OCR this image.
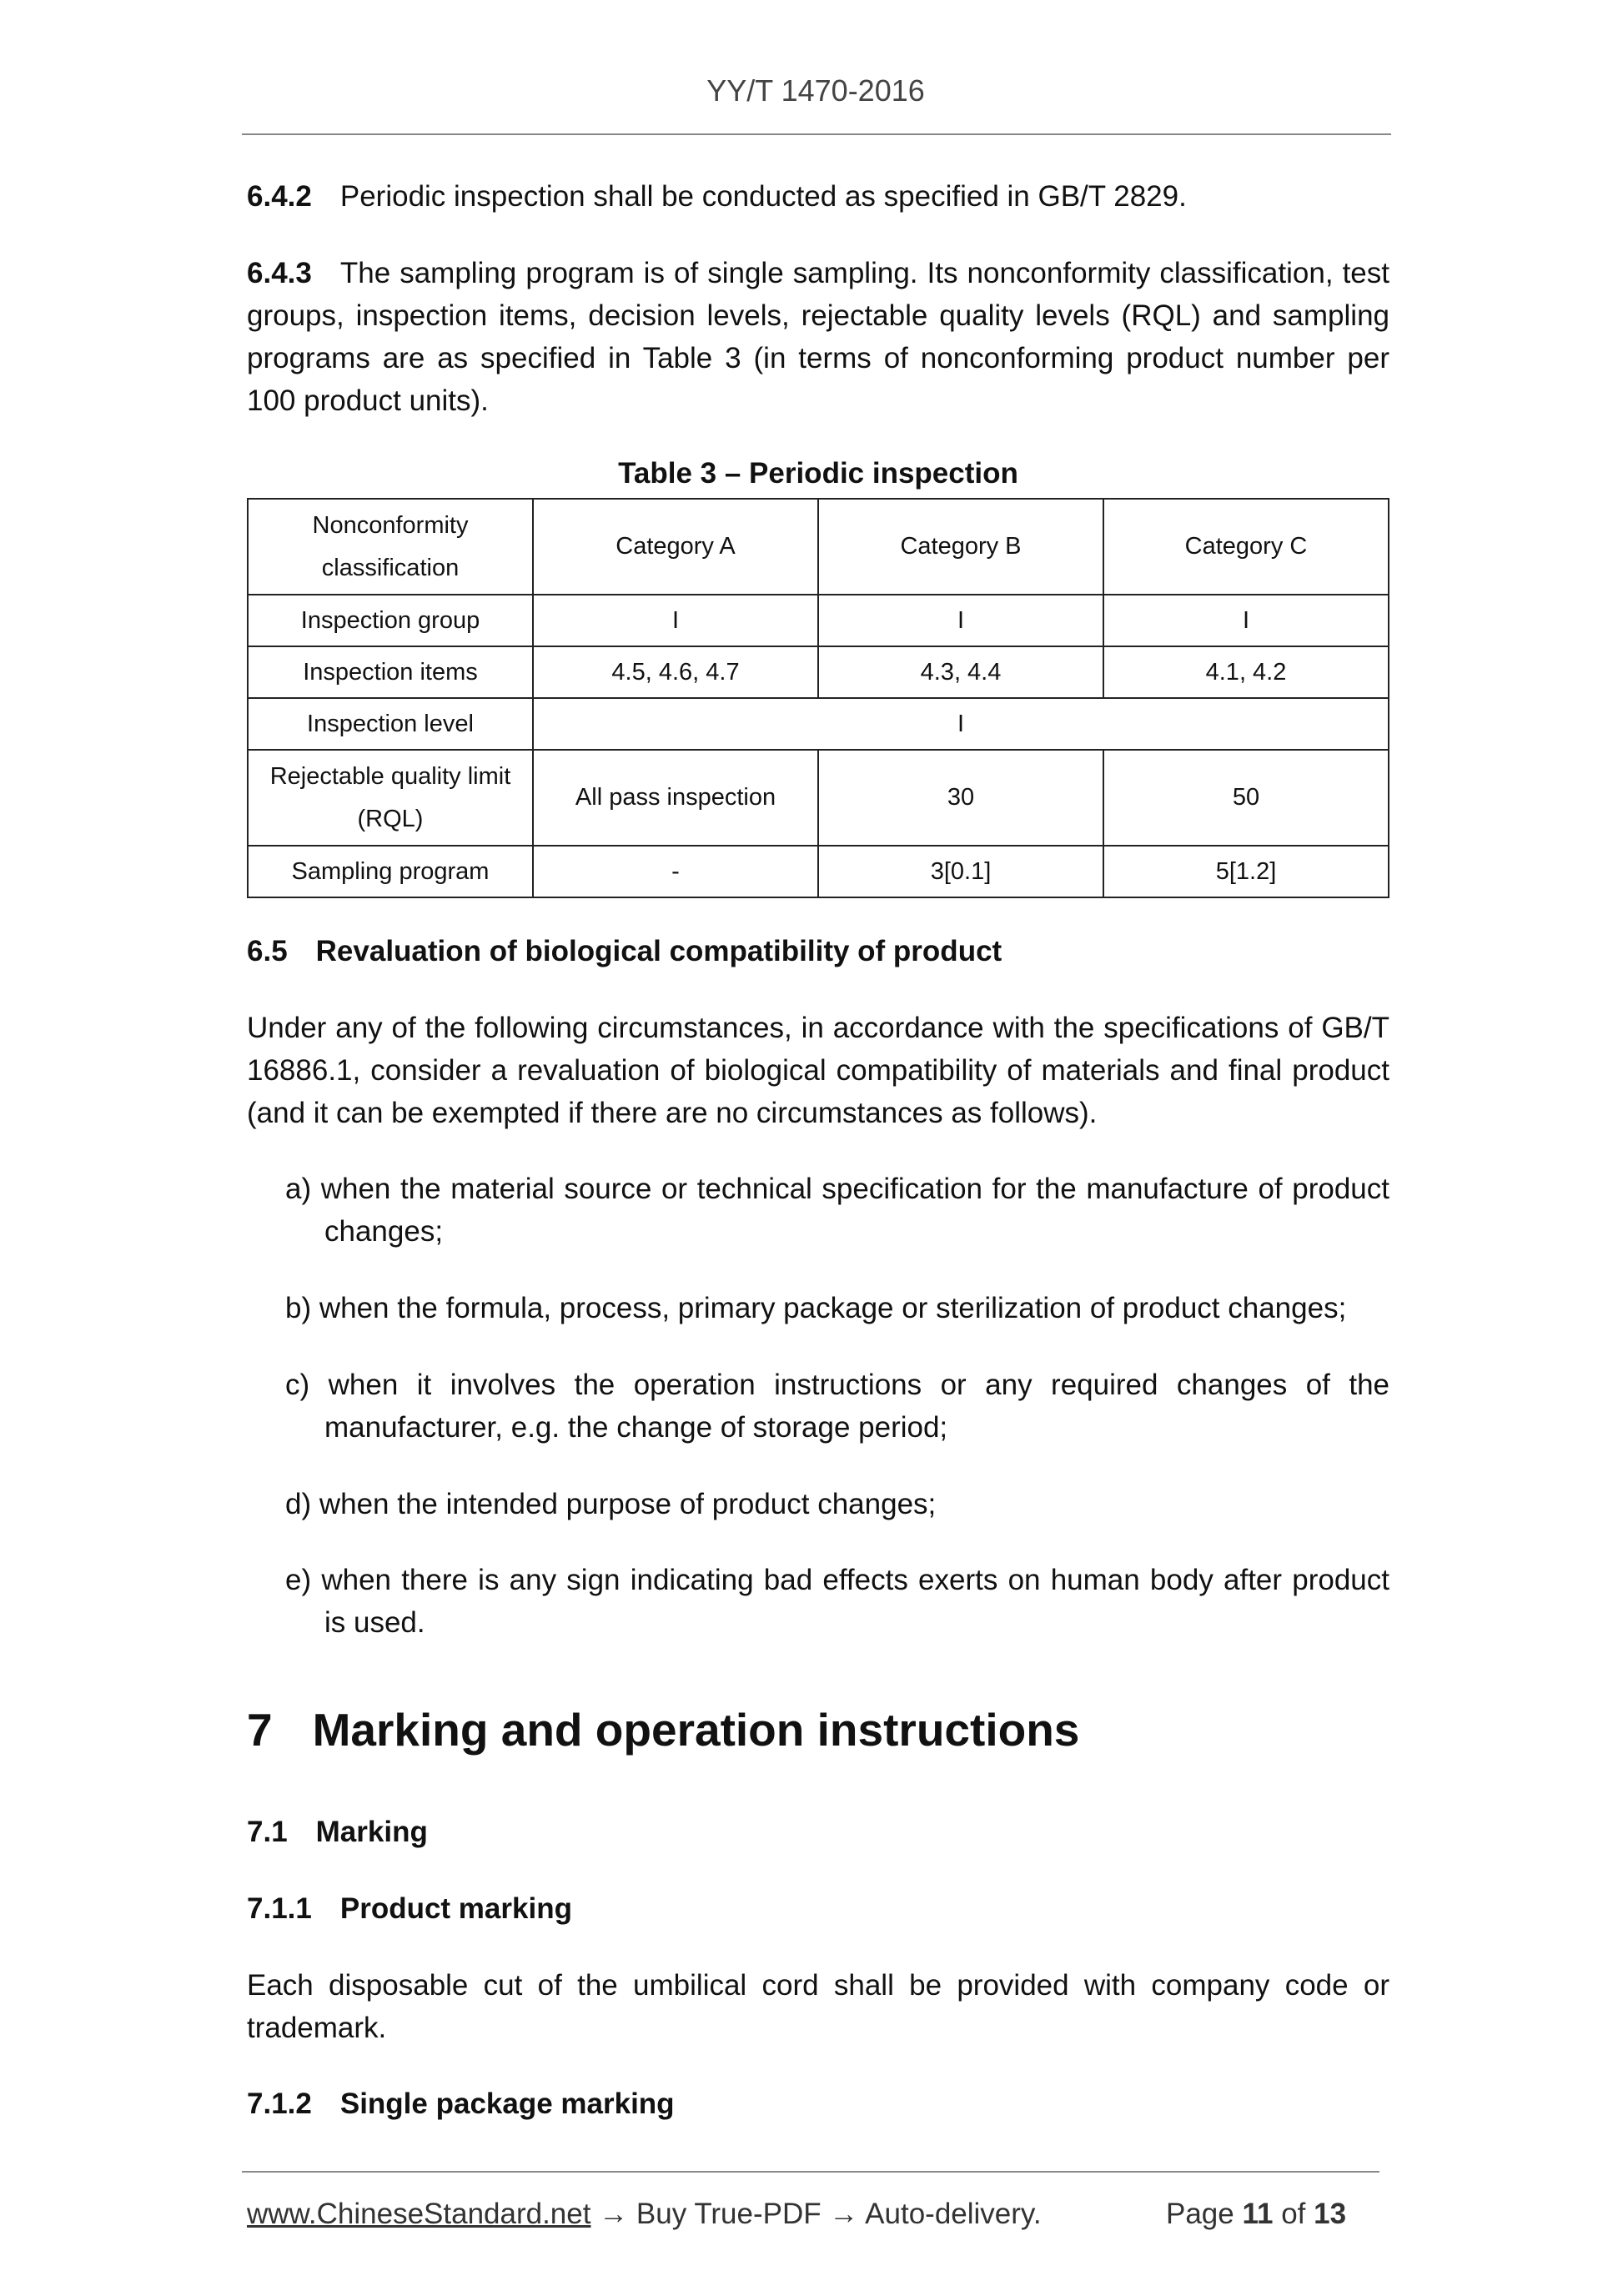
YY/T 1470-2016

6.4.2 Periodic inspection shall be conducted as specified in GB/T 2829.

6.4.3 The sampling program is of single sampling. Its nonconformity classification, test groups, inspection items, decision levels, rejectable quality levels (RQL) and sampling programs are as specified in Table 3 (in terms of nonconforming product number per 100 product units).

Table 3 – Periodic inspection
Nonconformity
classification	Category A	Category B	Category C
Inspection group	I	I	I
Inspection items	4.5, 4.6, 4.7	4.3, 4.4	4.1, 4.2
Inspection level	I		

Rejectable quality limit
(RQL)	All pass inspection	30	50
Sampling program	-	3[0.1]	5[1.2]

6.5 Revaluation of biological compatibility of product

Under any of the following circumstances, in accordance with the specifications of GB/T 16886.1, consider a revaluation of biological compatibility of materials and final product (and it can be exempted if there are no circumstances as follows).

a) when the material source or technical specification for the manufacture of product changes;

b) when the formula, process, primary package or sterilization of product changes;

c) when it involves the operation instructions or any required changes of the manufacturer, e.g. the change of storage period;

d) when the intended purpose of product changes;

e) when there is any sign indicating bad effects exerts on human body after product is used.

7 Marking and operation instructions

7.1 Marking

7.1.1 Product marking

Each disposable cut of the umbilical cord shall be provided with company code or trademark.

7.1.2 Single package marking

www.ChineseStandard.net → Buy True-PDF → Auto-delivery.	Page 11 of 13
